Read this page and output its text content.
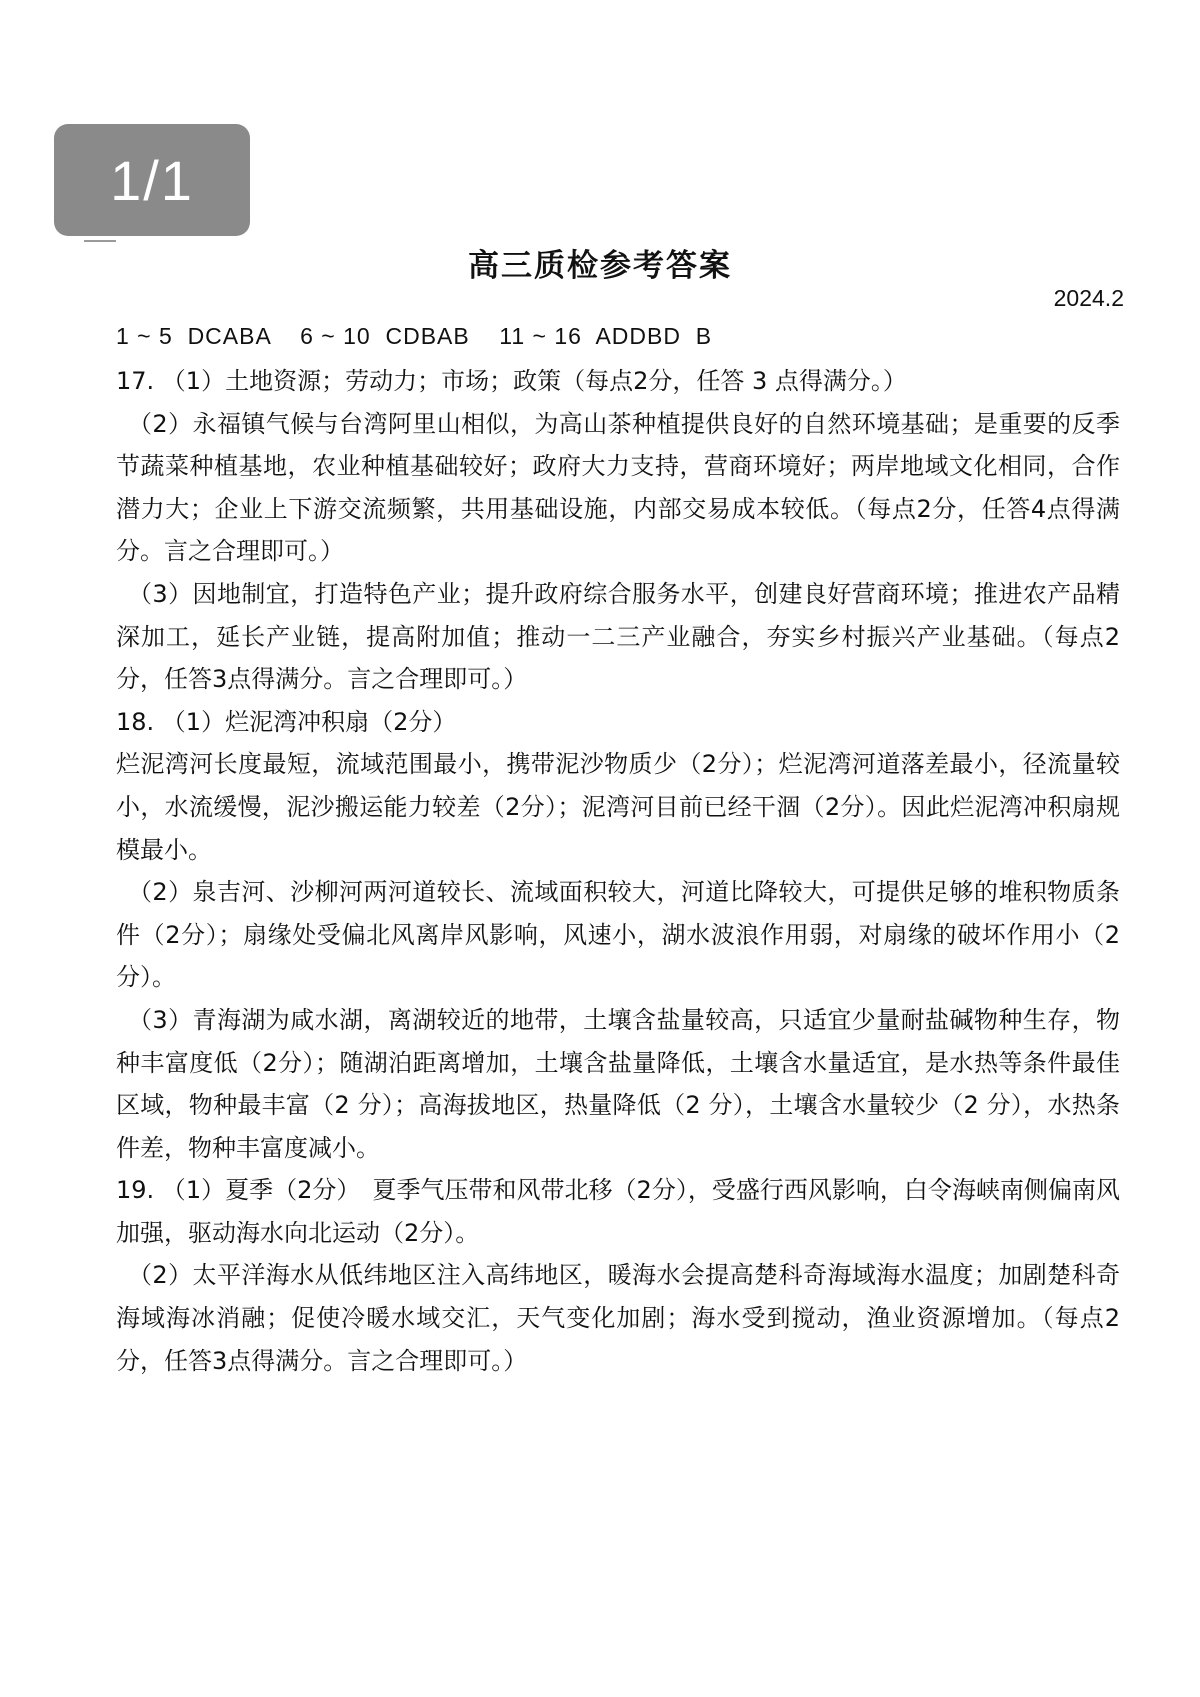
1/1
高三质检参考答案
2024.2
1 ~ 5  DCABA    6 ~ 10  CDBAB    11 ~ 16  ADDBD  B

17. （1）土地资源；劳动力；市场；政策（每点2分，任答 3 点得满分。）

（2）永福镇气候与台湾阿里山相似，为高山茶种植提供良好的自然环境基础；是重要的反季节蔬菜种植基地，农业种植基础较好；政府大力支持，营商环境好；两岸地域文化相同，合作潜力大；企业上下游交流频繁，共用基础设施，内部交易成本较低。（每点2分，任答4点得满分。言之合理即可。）

（3）因地制宜，打造特色产业；提升政府综合服务水平，创建良好营商环境；推进农产品精深加工，延长产业链，提高附加值；推动一二三产业融合，夯实乡村振兴产业基础。（每点2分，任答3点得满分。言之合理即可。）

18. （1）烂泥湾冲积扇（2分）

烂泥湾河长度最短，流域范围最小，携带泥沙物质少（2分）；烂泥湾河道落差最小，径流量较小，水流缓慢，泥沙搬运能力较差（2分）；泥湾河目前已经干涸（2分）。因此烂泥湾冲积扇规模最小。

（2）泉吉河、沙柳河两河道较长、流域面积较大，河道比降较大，可提供足够的堆积物质条件（2分）；扇缘处受偏北风离岸风影响，风速小，湖水波浪作用弱，对扇缘的破坏作用小（2分）。

（3）青海湖为咸水湖，离湖较近的地带，土壤含盐量较高，只适宜少量耐盐碱物种生存，物种丰富度低（2分）；随湖泊距离增加，土壤含盐量降低，土壤含水量适宜，是水热等条件最佳区域，物种最丰富（2 分）；高海拔地区，热量降低（2 分），土壤含水量较少（2 分），水热条件差，物种丰富度减小。

19. （1）夏季（2分）　夏季气压带和风带北移（2分），受盛行西风影响，白令海峡南侧偏南风加强，驱动海水向北运动（2分）。

（2）太平洋海水从低纬地区注入高纬地区，暖海水会提高楚科奇海域海水温度；加剧楚科奇海域海冰消融；促使冷暖水域交汇，天气变化加剧；海水受到搅动，渔业资源增加。（每点2分，任答3点得满分。言之合理即可。）
